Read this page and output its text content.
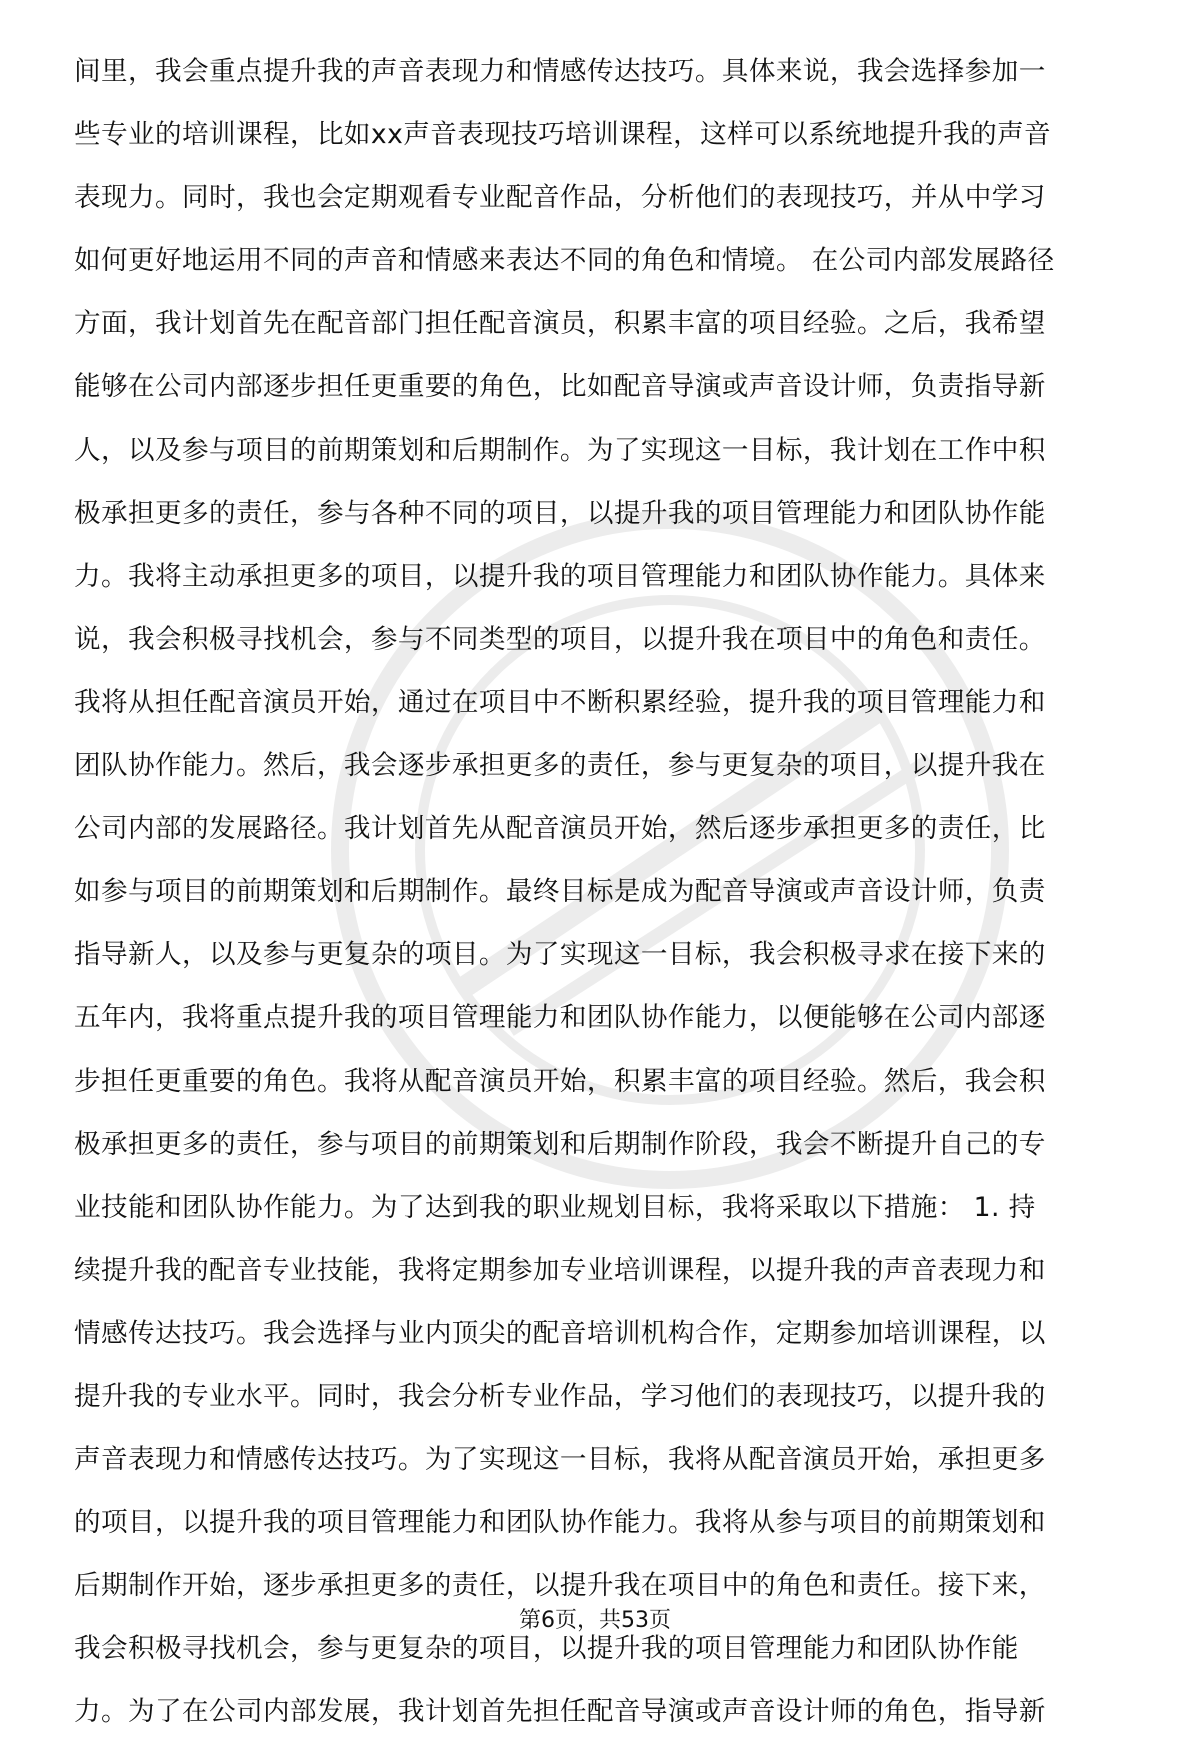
间里，我会重点提升我的声音表现力和情感传达技巧。具体来说，我会选择参加一
些专业的培训课程，比如xx声音表现技巧培训课程，这样可以系统地提升我的声音
表现力。同时，我也会定期观看专业配音作品，分析他们的表现技巧，并从中学习
如何更好地运用不同的声音和情感来表达不同的角色和情境。 在公司内部发展路径
方面，我计划首先在配音部门担任配音演员，积累丰富的项目经验。之后，我希望
能够在公司内部逐步担任更重要的角色，比如配音导演或声音设计师，负责指导新
人，以及参与项目的前期策划和后期制作。为了实现这一目标，我计划在工作中积
极承担更多的责任，参与各种不同的项目，以提升我的项目管理能力和团队协作能
力。我将主动承担更多的项目，以提升我的项目管理能力和团队协作能力。具体来
说，我会积极寻找机会，参与不同类型的项目，以提升我在项目中的角色和责任。
我将从担任配音演员开始，通过在项目中不断积累经验，提升我的项目管理能力和
团队协作能力。然后，我会逐步承担更多的责任，参与更复杂的项目，以提升我在
公司内部的发展路径。我计划首先从配音演员开始，然后逐步承担更多的责任，比
如参与项目的前期策划和后期制作。最终目标是成为配音导演或声音设计师，负责
指导新人，以及参与更复杂的项目。为了实现这一目标，我会积极寻求在接下来的
五年内，我将重点提升我的项目管理能力和团队协作能力，以便能够在公司内部逐
步担任更重要的角色。我将从配音演员开始，积累丰富的项目经验。然后，我会积
极承担更多的责任，参与项目的前期策划和后期制作阶段，我会不断提升自己的专
业技能和团队协作能力。为了达到我的职业规划目标，我将采取以下措施： 1. 持
续提升我的配音专业技能，我将定期参加专业培训课程，以提升我的声音表现力和
情感传达技巧。我会选择与业内顶尖的配音培训机构合作，定期参加培训课程，以
提升我的专业水平。同时，我会分析专业作品，学习他们的表现技巧，以提升我的
声音表现力和情感传达技巧。为了实现这一目标，我将从配音演员开始，承担更多
的项目，以提升我的项目管理能力和团队协作能力。我将从参与项目的前期策划和
后期制作开始，逐步承担更多的责任，以提升我在项目中的角色和责任。接下来，
我会积极寻找机会，参与更复杂的项目，以提升我的项目管理能力和团队协作能
力。为了在公司内部发展，我计划首先担任配音导演或声音设计师的角色，指导新
第6页，共53页
